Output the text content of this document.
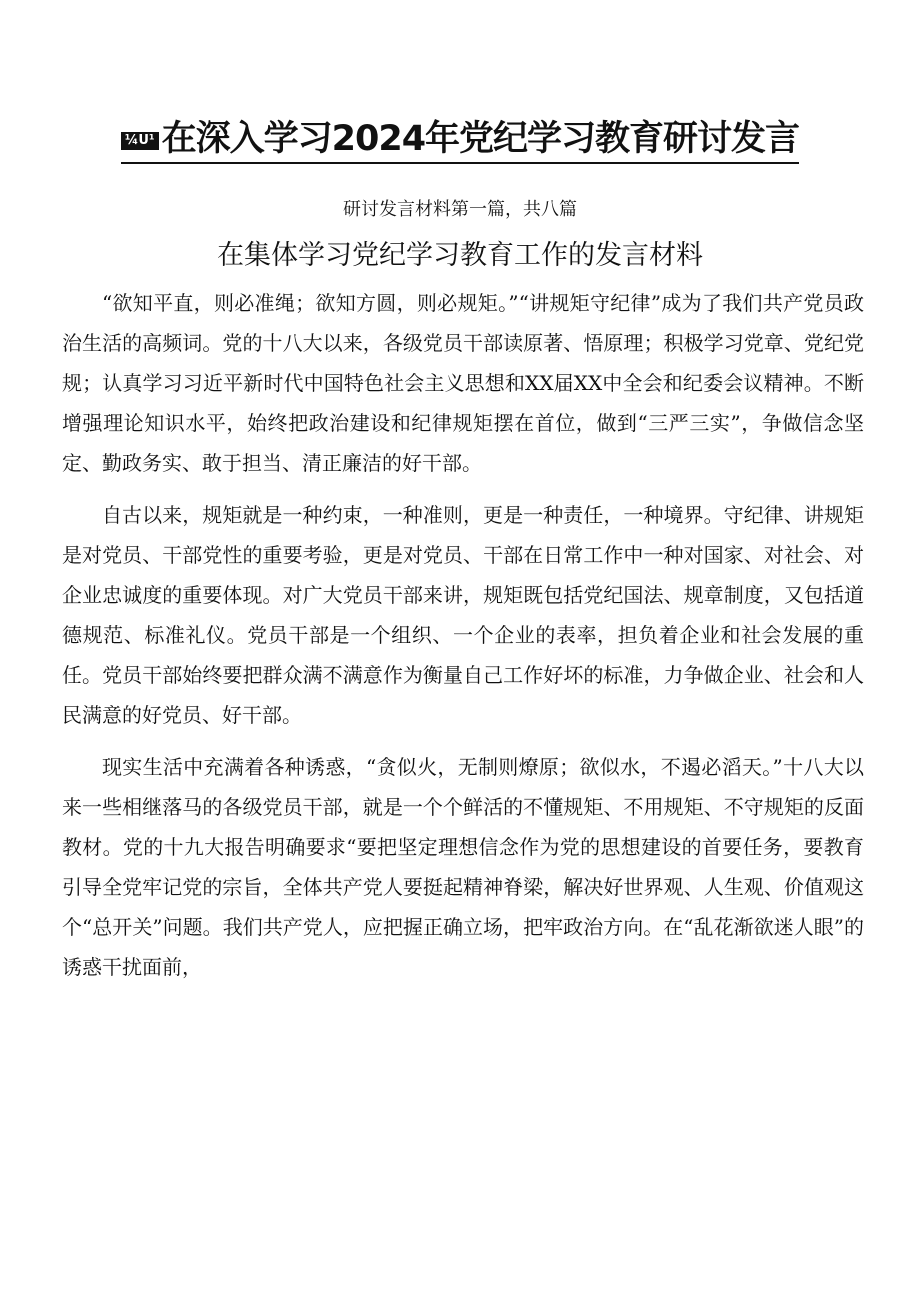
¼U¹ 在深入学习2024年党纪学习教育研讨发言
研讨发言材料第一篇，共八篇
在集体学习党纪学习教育工作的发言材料

“欲知平直，则必准绳；欲知方圆，则必规矩。”“讲规矩守纪律”成为了我们共产党员政治生活的高频词。党的十八大以来，各级党员干部读原著、悟原理；积极学习党章、党纪党规；认真学习习近平新时代中国特色社会主义思想和XX届XX中全会和纪委会议精神。不断增强理论知识水平，始终把政治建设和纪律规矩摆在首位，做到“三严三实”，争做信念坚定、勤政务实、敢于担当、清正廉洁的好干部。

自古以来，规矩就是一种约束，一种准则，更是一种责任，一种境界。守纪律、讲规矩是对党员、干部党性的重要考验，更是对党员、干部在日常工作中一种对国家、对社会、对企业忠诚度的重要体现。对广大党员干部来讲，规矩既包括党纪国法、规章制度，又包括道德规范、标准礼仪。党员干部是一个组织、一个企业的表率，担负着企业和社会发展的重任。党员干部始终要把群众满不满意作为衡量自己工作好坏的标准，力争做企业、社会和人民满意的好党员、好干部。

现实生活中充满着各种诱惑，“贪似火，无制则燎原；欲似水，不遏必滔天。”十八大以来一些相继落马的各级党员干部，就是一个个鲜活的不懂规矩、不用规矩、不守规矩的反面教材。党的十九大报告明确要求“要把坚定理想信念作为党的思想建设的首要任务，要教育引导全党牢记党的宗旨，全体共产党人要挺起精神脊梁，解决好世界观、人生观、价值观这个“总开关”问题。我们共产党人，应把握正确立场，把牢政治方向。在“乱花渐欲迷人眼”的诱惑干扰面前，
